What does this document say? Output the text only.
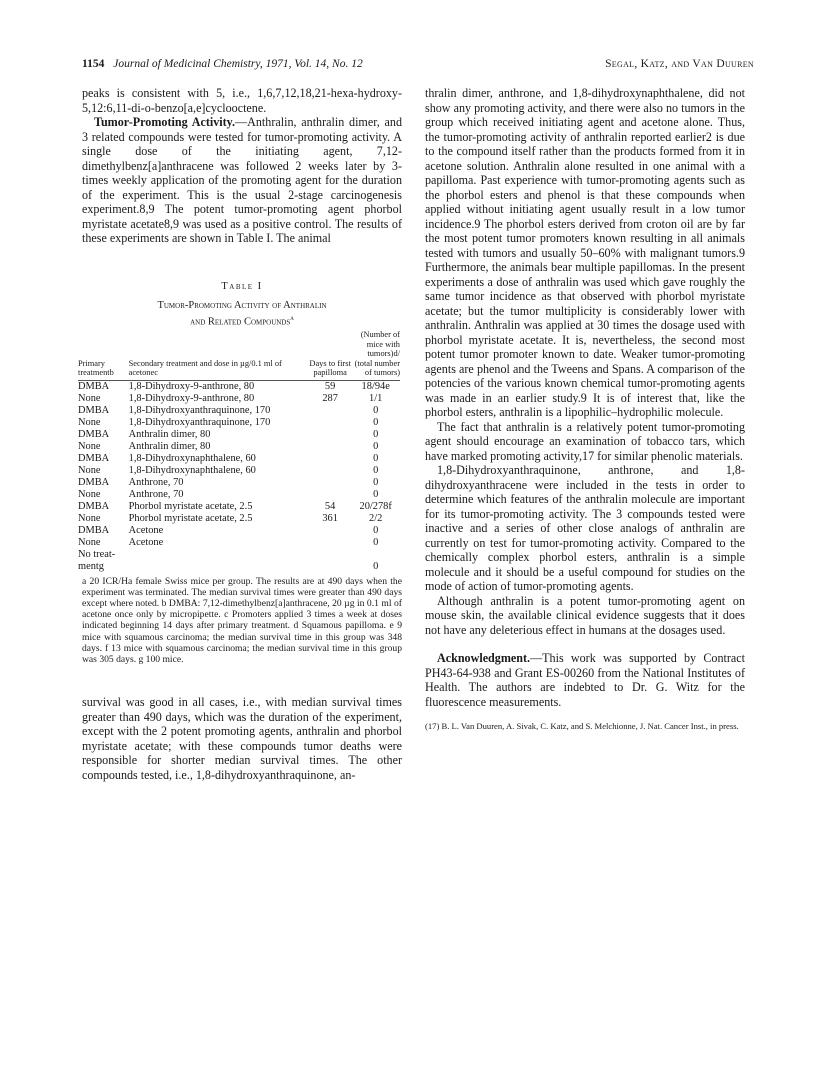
1154 Journal of Medicinal Chemistry, 1971, Vol. 14, No. 12	Segal, Katz, and Van Duuren

peaks is consistent with 5, i.e., 1,6,7,12,18,21-hexa-hydroxy-5,12:6,11-di-o-benzo[a,e]cyclooctene.

Tumor-Promoting Activity.—Anthralin, anthralin dimer, and 3 related compounds were tested for tumor-promoting activity. A single dose of the initiating agent, 7,12-dimethylbenz[a]anthracene was followed 2 weeks later by 3-times weekly application of the promoting agent for the duration of the experiment. This is the usual 2-stage carcinogenesis experiment.8,9 The potent tumor-promoting agent phorbol myristate acetate8,9 was used as a positive control. The results of these experiments are shown in Table I. The animal

Table I
Tumor-Promoting Activity of Anthralin
and Related Compounds$^a$
Primary treatmentb	Secondary treatment and dose in µg/0.1 ml of acetonec	Days to first papilloma	(Number of mice with tumors)d/ (total number of tumors)
DMBA	1,8-Dihydroxy-9-anthrone, 80	59	18/94e
None	1,8-Dihydroxy-9-anthrone, 80	287	1/1
DMBA	1,8-Dihydroxyanthraquinone, 170		0
None	1,8-Dihydroxyanthraquinone, 170		0
DMBA	Anthralin dimer, 80		0
None	Anthralin dimer, 80		0
DMBA	1,8-Dihydroxynaphthalene, 60		0
None	1,8-Dihydroxynaphthalene, 60		0
DMBA	Anthrone, 70		0
None	Anthrone, 70		0
DMBA	Phorbol myristate acetate, 2.5	54	20/278f
None	Phorbol myristate acetate, 2.5	361	2/2
DMBA	Acetone		0
None	Acetone		0
No treat-			
mentg			0

a 20 ICR/Ha female Swiss mice per group. The results are at 490 days when the experiment was terminated. The median survival times were greater than 490 days except where noted. b DMBA: 7,12-dimethylbenz[a]anthracene, 20 µg in 0.1 ml of acetone once only by micropipette. c Promoters applied 3 times a week at doses indicated beginning 14 days after primary treatment. d Squamous papilloma. e 9 mice with squamous carcinoma; the median survival time in this group was 348 days. f 13 mice with squamous carcinoma; the median survival time in this group was 305 days. g 100 mice.

survival was good in all cases, i.e., with median survival times greater than 490 days, which was the duration of the experiment, except with the 2 potent promoting agents, anthralin and phorbol myristate acetate; with these compounds tumor deaths were responsible for shorter median survival times. The other compounds tested, i.e., 1,8-dihydroxyanthraquinone, an-

thralin dimer, anthrone, and 1,8-dihydroxynaphthalene, did not show any promoting activity, and there were also no tumors in the group which received initiating agent and acetone alone. Thus, the tumor-promoting activity of anthralin reported earlier2 is due to the compound itself rather than the products formed from it in acetone solution. Anthralin alone resulted in one animal with a papilloma. Past experience with tumor-promoting agents such as the phorbol esters and phenol is that these compounds when applied without initiating agent usually result in a low tumor incidence.9 The phorbol esters derived from croton oil are by far the most potent tumor promoters known resulting in all animals tested with tumors and usually 50–60% with malignant tumors.9 Furthermore, the animals bear multiple papillomas. In the present experiments a dose of anthralin was used which gave roughly the same tumor incidence as that observed with phorbol myristate acetate; but the tumor multiplicity is considerably lower with anthralin. Anthralin was applied at 30 times the dosage used with phorbol myristate acetate. It is, nevertheless, the second most potent tumor promoter known to date. Weaker tumor-promoting agents are phenol and the Tweens and Spans. A comparison of the potencies of the various known chemical tumor-promoting agents was made in an earlier study.9 It is of interest that, like the phorbol esters, anthralin is a lipophilic–hydrophilic molecule.

The fact that anthralin is a relatively potent tumor-promoting agent should encourage an examination of tobacco tars, which have marked promoting activity,17 for similar phenolic materials.

1,8-Dihydroxyanthraquinone, anthrone, and 1,8-dihydroxyanthracene were included in the tests in order to determine which features of the anthralin molecule are important for its tumor-promoting activity. The 3 compounds tested were inactive and a series of other close analogs of anthralin are currently on test for tumor-promoting activity. Compared to the chemically complex phorbol esters, anthralin is a simple molecule and it should be a useful compound for studies on the mode of action of tumor-promoting agents.

Although anthralin is a potent tumor-promoting agent on mouse skin, the available clinical evidence suggests that it does not have any deleterious effect in humans at the dosages used.

Acknowledgment.—This work was supported by Contract PH43-64-938 and Grant ES-00260 from the National Institutes of Health. The authors are indebted to Dr. G. Witz for the fluorescence measurements.

(17) B. L. Van Duuren, A. Sivak, C. Katz, and S. Melchionne, J. Nat. Cancer Inst., in press.
